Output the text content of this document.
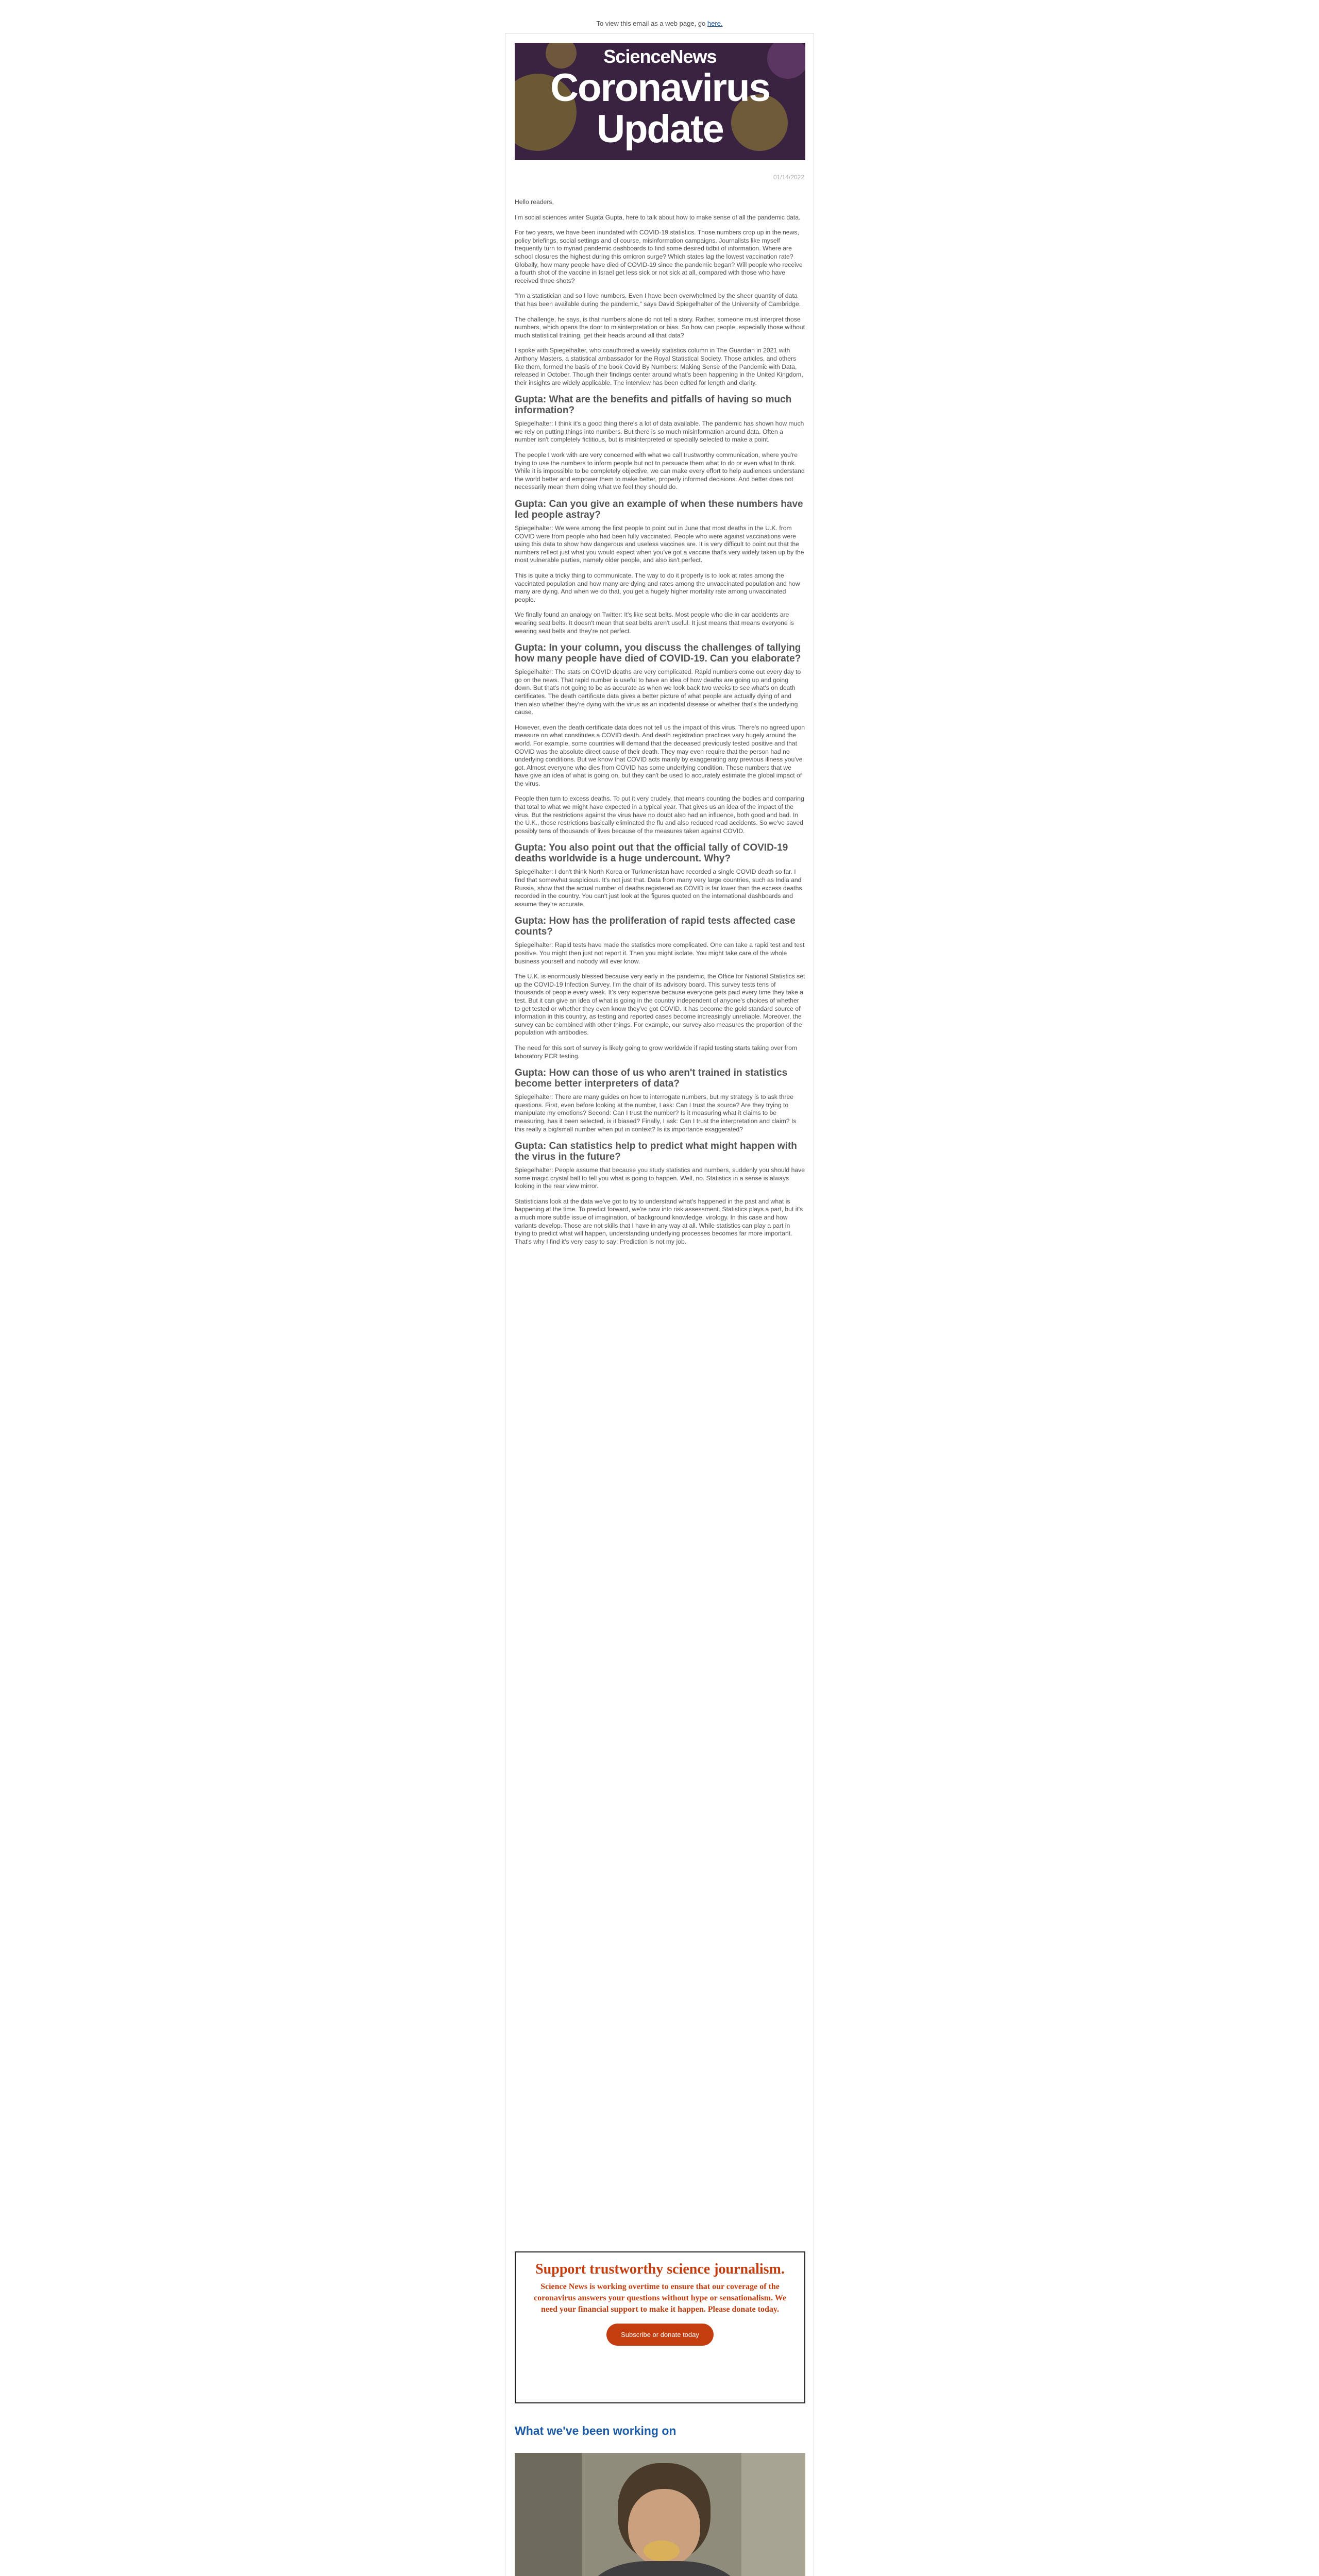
To view this email as a web page, go here.
ScienceNews
Coronavirus
Update
01/14/2022

Hello readers,

I'm social sciences writer Sujata Gupta, here to talk about how to make sense of all the pandemic data.

For two years, we have been inundated with COVID-19 statistics. Those numbers crop up in the news, policy briefings, social settings and of course, misinformation campaigns. Journalists like myself frequently turn to myriad pandemic dashboards to find some desired tidbit of information. Where are school closures the highest during this omicron surge? Which states lag the lowest vaccination rate? Globally, how many people have died of COVID-19 since the pandemic began? Will people who receive a fourth shot of the vaccine in Israel get less sick or not sick at all, compared with those who have received three shots?

"I'm a statistician and so I love numbers. Even I have been overwhelmed by the sheer quantity of data that has been available during the pandemic," says David Spiegelhalter of the University of Cambridge.

The challenge, he says, is that numbers alone do not tell a story. Rather, someone must interpret those numbers, which opens the door to misinterpretation or bias. So how can people, especially those without much statistical training, get their heads around all that data?

I spoke with Spiegelhalter, who coauthored a weekly statistics column in The Guardian in 2021 with Anthony Masters, a statistical ambassador for the Royal Statistical Society. Those articles, and others like them, formed the basis of the book Covid By Numbers: Making Sense of the Pandemic with Data, released in October. Though their findings center around what's been happening in the United Kingdom, their insights are widely applicable. The interview has been edited for length and clarity.

Gupta: What are the benefits and pitfalls of having so much information?

Spiegelhalter: I think it's a good thing there's a lot of data available. The pandemic has shown how much we rely on putting things into numbers. But there is so much misinformation around data. Often a number isn't completely fictitious, but is misinterpreted or specially selected to make a point.

The people I work with are very concerned with what we call trustworthy communication, where you're trying to use the numbers to inform people but not to persuade them what to do or even what to think. While it is impossible to be completely objective, we can make every effort to help audiences understand the world better and empower them to make better, properly informed decisions. And better does not necessarily mean them doing what we feel they should do.

Gupta: Can you give an example of when these numbers have led people astray?

Spiegelhalter: We were among the first people to point out in June that most deaths in the U.K. from COVID were from people who had been fully vaccinated. People who were against vaccinations were using this data to show how dangerous and useless vaccines are. It is very difficult to point out that the numbers reflect just what you would expect when you've got a vaccine that's very widely taken up by the most vulnerable parties, namely older people, and also isn't perfect.

This is quite a tricky thing to communicate. The way to do it properly is to look at rates among the vaccinated population and how many are dying and rates among the unvaccinated population and how many are dying. And when we do that, you get a hugely higher mortality rate among unvaccinated people.

We finally found an analogy on Twitter: It's like seat belts. Most people who die in car accidents are wearing seat belts. It doesn't mean that seat belts aren't useful. It just means that means everyone is wearing seat belts and they're not perfect.

Gupta: In your column, you discuss the challenges of tallying how many people have died of COVID-19. Can you elaborate?

Spiegelhalter: The stats on COVID deaths are very complicated. Rapid numbers come out every day to go on the news. That rapid number is useful to have an idea of how deaths are going up and going down. But that's not going to be as accurate as when we look back two weeks to see what's on death certificates. The death certificate data gives a better picture of what people are actually dying of and then also whether they're dying with the virus as an incidental disease or whether that's the underlying cause.

However, even the death certificate data does not tell us the impact of this virus. There's no agreed upon measure on what constitutes a COVID death. And death registration practices vary hugely around the world. For example, some countries will demand that the deceased previously tested positive and that COVID was the absolute direct cause of their death. They may even require that the person had no underlying conditions. But we know that COVID acts mainly by exaggerating any previous illness you've got. Almost everyone who dies from COVID has some underlying condition. These numbers that we have give an idea of what is going on, but they can't be used to accurately estimate the global impact of the virus.

People then turn to excess deaths. To put it very crudely, that means counting the bodies and comparing that total to what we might have expected in a typical year. That gives us an idea of the impact of the virus. But the restrictions against the virus have no doubt also had an influence, both good and bad. In the U.K., those restrictions basically eliminated the flu and also reduced road accidents. So we've saved possibly tens of thousands of lives because of the measures taken against COVID.

Gupta: You also point out that the official tally of COVID-19 deaths worldwide is a huge undercount. Why?

Spiegelhalter: I don't think North Korea or Turkmenistan have recorded a single COVID death so far. I find that somewhat suspicious. It's not just that. Data from many very large countries, such as India and Russia, show that the actual number of deaths registered as COVID is far lower than the excess deaths recorded in the country. You can't just look at the figures quoted on the international dashboards and assume they're accurate.

Gupta: How has the proliferation of rapid tests affected case counts?

Spiegelhalter: Rapid tests have made the statistics more complicated. One can take a rapid test and test positive. You might then just not report it. Then you might isolate. You might take care of the whole business yourself and nobody will ever know.

The U.K. is enormously blessed because very early in the pandemic, the Office for National Statistics set up the COVID-19 Infection Survey. I'm the chair of its advisory board. This survey tests tens of thousands of people every week. It's very expensive because everyone gets paid every time they take a test. But it can give an idea of what is going in the country independent of anyone's choices of whether to get tested or whether they even know they've got COVID. It has become the gold standard source of information in this country, as testing and reported cases become increasingly unreliable. Moreover, the survey can be combined with other things. For example, our survey also measures the proportion of the population with antibodies.

The need for this sort of survey is likely going to grow worldwide if rapid testing starts taking over from laboratory PCR testing.

Gupta: How can those of us who aren't trained in statistics become better interpreters of data?

Spiegelhalter: There are many guides on how to interrogate numbers, but my strategy is to ask three questions. First, even before looking at the number, I ask: Can I trust the source? Are they trying to manipulate my emotions? Second: Can I trust the number? Is it measuring what it claims to be measuring, has it been selected, is it biased? Finally, I ask: Can I trust the interpretation and claim? Is this really a big/small number when put in context? Is its importance exaggerated?

Gupta: Can statistics help to predict what might happen with the virus in the future?

Spiegelhalter: People assume that because you study statistics and numbers, suddenly you should have some magic crystal ball to tell you what is going to happen. Well, no. Statistics in a sense is always looking in the rear view mirror.

Statisticians look at the data we've got to try to understand what's happened in the past and what is happening at the time. To predict forward, we're now into risk assessment. Statistics plays a part, but it's a much more subtle issue of imagination, of background knowledge, virology. In this case and how variants develop. Those are not skills that I have in any way at all. While statistics can play a part in trying to predict what will happen, understanding underlying processes becomes far more important. That's why I find it's very easy to say: Prediction is not my job.

Support trustworthy science journalism.
Science News is working overtime to ensure that our coverage of the coronavirus answers your questions without hype or sensationalism. We need your financial support to make it happen. Please donate today.
Subscribe or donate today
What we've been working on
